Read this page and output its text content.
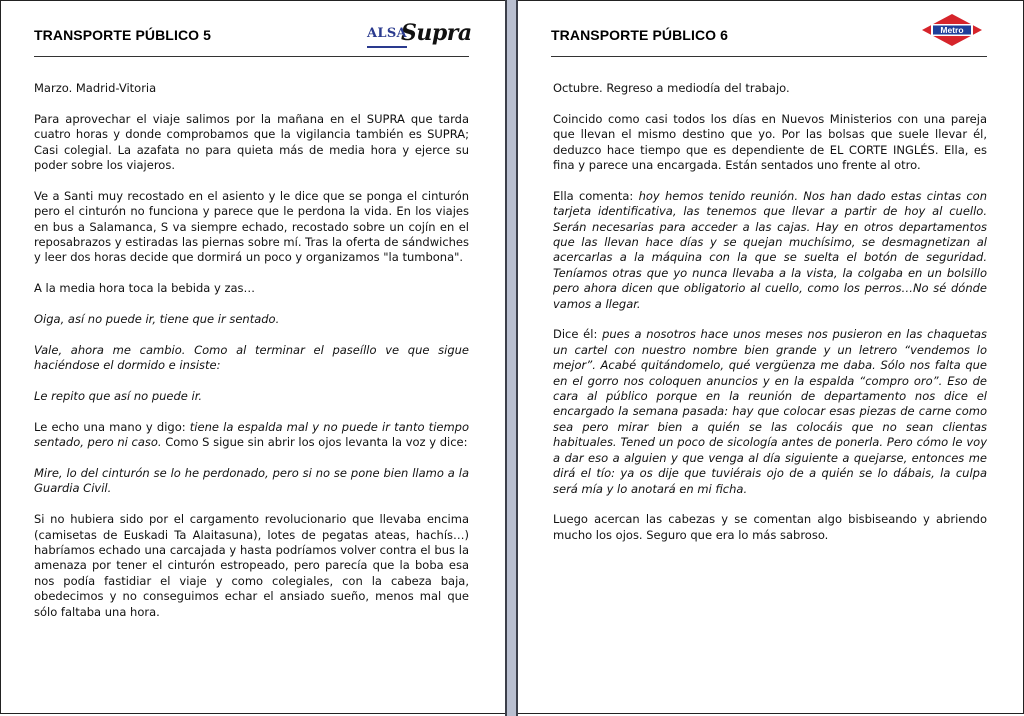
TRANSPORTE PÚBLICO 5	ALSA
Supra

Marzo. Madrid-Vitoria

Para aprovechar el viaje salimos por la mañana en el SUPRA que tarda cuatro horas y donde comprobamos que la vigilancia también es SUPRA; Casi colegial. La azafata no para quieta más de media hora y ejerce su poder sobre los viajeros.

Ve a Santi muy recostado en el asiento y le dice que se ponga el cinturón pero el cinturón no funciona y parece que le perdona la vida. En los viajes en bus a Salamanca, S va siempre echado, recostado sobre un cojín en el reposabrazos y estiradas las piernas sobre mí. Tras la oferta de sándwiches y leer dos horas decide que dormirá un poco y organizamos "la tumbona".

A la media hora toca la bebida y zas…

Oiga, así no puede ir, tiene que ir sentado.

Vale, ahora me cambio. Como al terminar el paseíllo ve que sigue haciéndose el dormido e insiste:

Le repito que así no puede ir.

Le echo una mano y digo: tiene la espalda mal y no puede ir tanto tiempo sentado, pero ni caso. Como S sigue sin abrir los ojos levanta la voz y dice:

Mire, lo del cinturón se lo he perdonado, pero si no se pone bien llamo a la Guardia Civil.

Si no hubiera sido por el cargamento revolucionario que llevaba encima (camisetas de Euskadi Ta Alaitasuna), lotes de pegatas ateas, hachís…) habríamos echado una carcajada y hasta podríamos volver contra el bus la amenaza por tener el cinturón estropeado, pero parecía que la boba esa nos podía fastidiar el viaje y como colegiales, con la cabeza baja, obedecimos y no conseguimos echar el ansiado sueño, menos mal que sólo faltaba una hora.

TRANSPORTE PÚBLICO 6	Metro

Octubre. Regreso a mediodía del trabajo.

Coincido como casi todos los días en Nuevos Ministerios con una pareja que llevan el mismo destino que yo. Por las bolsas que suele llevar él, deduzco hace tiempo que es dependiente de EL CORTE INGLÉS. Ella, es fina y parece una encargada. Están sentados uno frente al otro.

Ella comenta: hoy hemos tenido reunión. Nos han dado estas cintas con tarjeta identificativa, las tenemos que llevar a partir de hoy al cuello. Serán necesarias para acceder a las cajas. Hay en otros departamentos que las llevan hace días y se quejan muchísimo, se desmagnetizan al acercarlas a la máquina con la que se suelta el botón de seguridad. Teníamos otras que yo nunca llevaba a la vista, la colgaba en un bolsillo pero ahora dicen que obligatorio al cuello, como los perros…No sé dónde vamos a llegar.

Dice él: pues a nosotros hace unos meses nos pusieron en las chaquetas un cartel con nuestro nombre bien grande y un letrero “vendemos lo mejor”. Acabé quitándomelo, qué vergüenza me daba. Sólo nos falta que en el gorro nos coloquen anuncios y en la espalda “compro oro”. Eso de cara al público porque en la reunión de departamento nos dice el encargado la semana pasada: hay que colocar esas piezas de carne como sea pero mirar bien a quién se las colocáis que no sean clientas habituales. Tened un poco de sicología antes de ponerla. Pero cómo le voy a dar eso a alguien y que venga al día siguiente a quejarse, entonces me dirá el tío: ya os dije que tuviérais ojo de a quién se lo dábais, la culpa será mía y lo anotará en mi ficha.

Luego acercan las cabezas y se comentan algo bisbiseando y abriendo mucho los ojos. Seguro que era lo más sabroso.
